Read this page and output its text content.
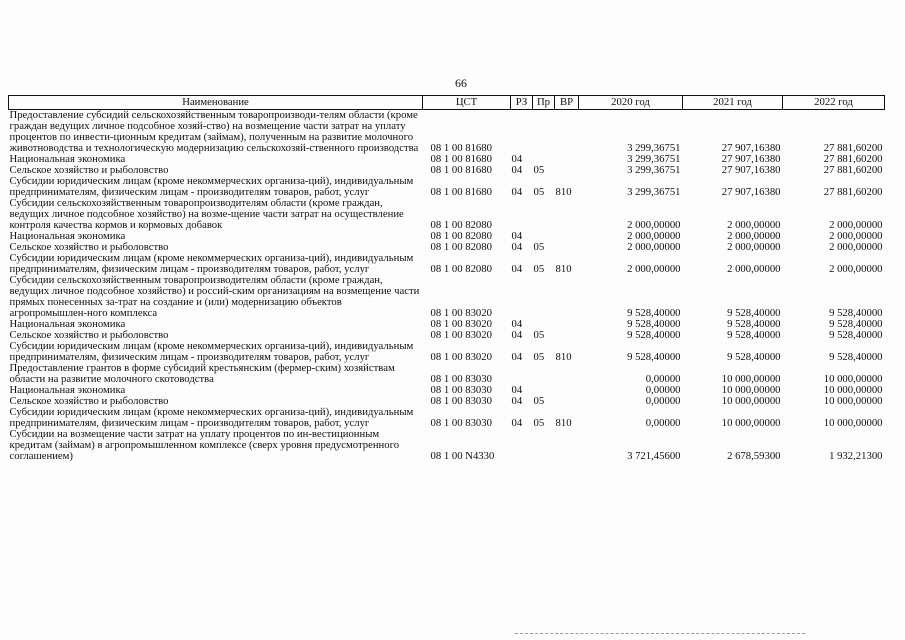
66
Наименование	ЦСТ	РЗ	Пр	ВР	2020 год	2021 год	2022 год
Предоставление субсидий сельскохозяйственным товаропроизводи-телям области (кроме граждан ведущих личное подсобное хозяй-ство) на возмещение части затрат на уплату процентов по инвести-ционным кредитам (займам), полученным на развитие молочного животноводства и технологическую модернизацию сельскохозяй-ственного производства	08 1 00 81680				3 299,36751	27 907,16380	27 881,60200
Национальная экономика	08 1 00 81680	04			3 299,36751	27 907,16380	27 881,60200
Сельское хозяйство и рыболовство	08 1 00 81680	04	05		3 299,36751	27 907,16380	27 881,60200
Субсидии юридическим лицам (кроме некоммерческих организа-ций), индивидуальным предпринимателям, физическим лицам - производителям товаров, работ, услуг	08 1 00 81680	04	05	810	3 299,36751	27 907,16380	27 881,60200
Субсидии сельскохозяйственным товаропроизводителям области (кроме граждан, ведущих личное подсобное хозяйство) на возме-щение части затрат на осуществление контроля качества кормов и кормовых добавок	08 1 00 82080				2 000,00000	2 000,00000	2 000,00000
Национальная экономика	08 1 00 82080	04			2 000,00000	2 000,00000	2 000,00000
Сельское хозяйство и рыболовство	08 1 00 82080	04	05		2 000,00000	2 000,00000	2 000,00000
Субсидии юридическим лицам (кроме некоммерческих организа-ций), индивидуальным предпринимателям, физическим лицам - производителям товаров, работ, услуг	08 1 00 82080	04	05	810	2 000,00000	2 000,00000	2 000,00000
Субсидии сельскохозяйственным товаропроизводителям области (кроме граждан, ведущих личное подсобное хозяйство) и россий-ским организациям на возмещение части прямых понесенных за-трат на создание и (или) модернизацию объектов агропромышлен-ного комплекса	08 1 00 83020				9 528,40000	9 528,40000	9 528,40000
Национальная экономика	08 1 00 83020	04			9 528,40000	9 528,40000	9 528,40000
Сельское хозяйство и рыболовство	08 1 00 83020	04	05		9 528,40000	9 528,40000	9 528,40000
Субсидии юридическим лицам (кроме некоммерческих организа-ций), индивидуальным предпринимателям, физическим лицам - производителям товаров, работ, услуг	08 1 00 83020	04	05	810	9 528,40000	9 528,40000	9 528,40000
Предоставление грантов в форме субсидий крестьянским (фермер-ским) хозяйствам области на развитие молочного скотоводства	08 1 00 83030				0,00000	10 000,00000	10 000,00000
Национальная экономика	08 1 00 83030	04			0,00000	10 000,00000	10 000,00000
Сельское хозяйство и рыболовство	08 1 00 83030	04	05		0,00000	10 000,00000	10 000,00000
Субсидии юридическим лицам (кроме некоммерческих организа-ций), индивидуальным предпринимателям, физическим лицам - производителям товаров, работ, услуг	08 1 00 83030	04	05	810	0,00000	10 000,00000	10 000,00000
Субсидии на возмещение части затрат на уплату процентов по ин-вестиционным кредитам (займам) в агропромышленном комплексе (сверх уровня предусмотренного соглашением)	08 1 00 N4330				3 721,45600	2 678,59300	1 932,21300
